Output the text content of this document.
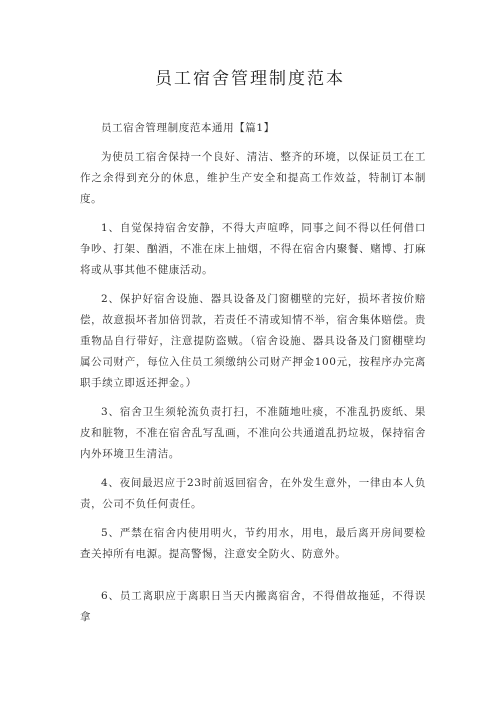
员工宿舍管理制度范本

员工宿舍管理制度范本通用【篇1】

为使员工宿舍保持一个良好、清洁、整齐的环境，以保证员工在工作之余得到充分的休息，维护生产安全和提高工作效益，特制订本制度。

1、自觉保持宿舍安静，不得大声喧哗，同事之间不得以任何借口争吵、打架、酗酒，不准在床上抽烟，不得在宿舍内聚餐、赌博、打麻将或从事其他不健康活动。

2、保护好宿舍设施、器具设备及门窗棚壁的完好，损坏者按价赔偿，故意损坏者加倍罚款，若责任不清或知情不举，宿舍集体赔偿。贵重物品自行带好，注意提防盗贼。（宿舍设施、器具设备及门窗棚壁均属公司财产，每位入住员工须缴纳公司财产押金100元，按程序办完离职手续立即返还押金。）

3、宿舍卫生须轮流负责打扫，不准随地吐痰，不准乱扔废纸、果皮和脏物，不准在宿舍乱写乱画，不准向公共通道乱扔垃圾，保持宿舍内外环境卫生清洁。

4、夜间最迟应于23时前返回宿舍，在外发生意外，一律由本人负责，公司不负任何责任。

5、严禁在宿舍内使用明火，节约用水，用电，最后离开房间要检查关掉所有电源。提高警惕，注意安全防火、防意外。

6、员工离职应于离职日当天内搬离宿舍，不得借故拖延，不得误拿
